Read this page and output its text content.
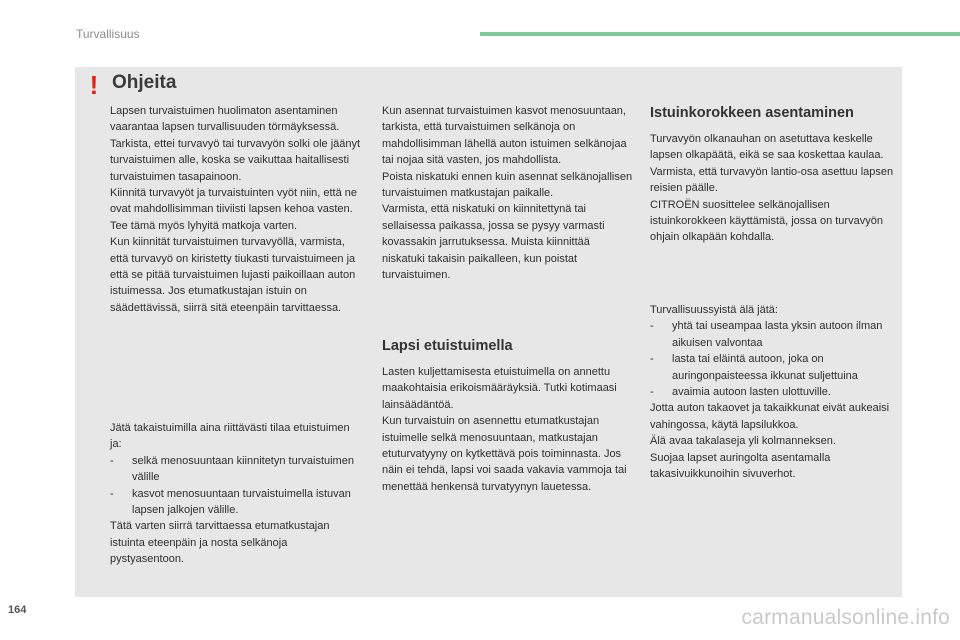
Turvallisuus
! Ohjeita

Lapsen turvaistuimen huolimaton asentaminen vaarantaa lapsen turvallisuuden törmäyksessä.

Tarkista, ettei turvavyö tai turvavyön solki ole jäänyt turvaistuimen alle, koska se vaikuttaa haitallisesti turvaistuimen tasapainoon.

Kiinnitä turvavyöt ja turvaistuinten vyöt niin, että ne ovat mahdollisimman tiiviisti lapsen kehoa vasten. Tee tämä myös lyhyitä matkoja varten.

Kun kiinnität turvaistuimen turvavyöllä, varmista, että turvavyö on kiristetty tiukasti turvaistuimeen ja että se pitää turvaistuimen lujasti paikoillaan auton istuimessa. Jos etumatkustajan istuin on säädettävissä, siirrä sitä eteenpäin tarvittaessa.

Jätä takaistuimilla aina riittävästi tilaa etuistuimen ja:

-	selkä menosuuntaan kiinnitetyn turvaistuimen välille
-	kasvot menosuuntaan turvaistuimella istuvan lapsen jalkojen välille.

Tätä varten siirrä tarvittaessa etumatkustajan istuinta eteenpäin ja nosta selkänoja pystyasentoon.

Kun asennat turvaistuimen kasvot menosuuntaan, tarkista, että turvaistuimen selkänoja on mahdollisimman lähellä auton istuimen selkänojaa tai nojaa sitä vasten, jos mahdollista.

Poista niskatuki ennen kuin asennat selkänojallisen turvaistuimen matkustajan paikalle.

Varmista, että niskatuki on kiinnitettynä tai sellaisessa paikassa, jossa se pysyy varmasti kovassakin jarrutuksessa. Muista kiinnittää niskatuki takaisin paikalleen, kun poistat turvaistuimen.

Lapsi etuistuimella

Lasten kuljettamisesta etuistuimella on annettu maakohtaisia erikoismääräyksiä. Tutki kotimaasi lainsäädäntöä.

Kun turvaistuin on asennettu etumatkustajan istuimelle selkä menosuuntaan, matkustajan etuturvatyyny on kytkettävä pois toiminnasta. Jos näin ei tehdä, lapsi voi saada vakavia vammoja tai menettää henkensä turvatyynyn lauetessa.

Istuinkorokkeen asentaminen

Turvavyön olkanauhan on asetuttava keskelle lapsen olkapäätä, eikä se saa koskettaa kaulaa.

Varmista, että turvavyön lantio-osa asettuu lapsen reisien päälle.

CITROËN suosittelee selkänojallisen istuinkorokkeen käyttämistä, jossa on turvavyön ohjain olkapään kohdalla.

Turvallisuussyistä älä jätä:

-	yhtä tai useampaa lasta yksin autoon ilman aikuisen valvontaa
-	lasta tai eläintä autoon, joka on auringonpaisteessa ikkunat suljettuina
-	avaimia autoon lasten ulottuville.

Jotta auton takaovet ja takaikkunat eivät aukeaisi vahingossa, käytä lapsilukkoa.

Älä avaa takalaseja yli kolmanneksen.

Suojaa lapset auringolta asentamalla takasivuikkunoihin sivuverhot.

164	carmanualsonline.info
